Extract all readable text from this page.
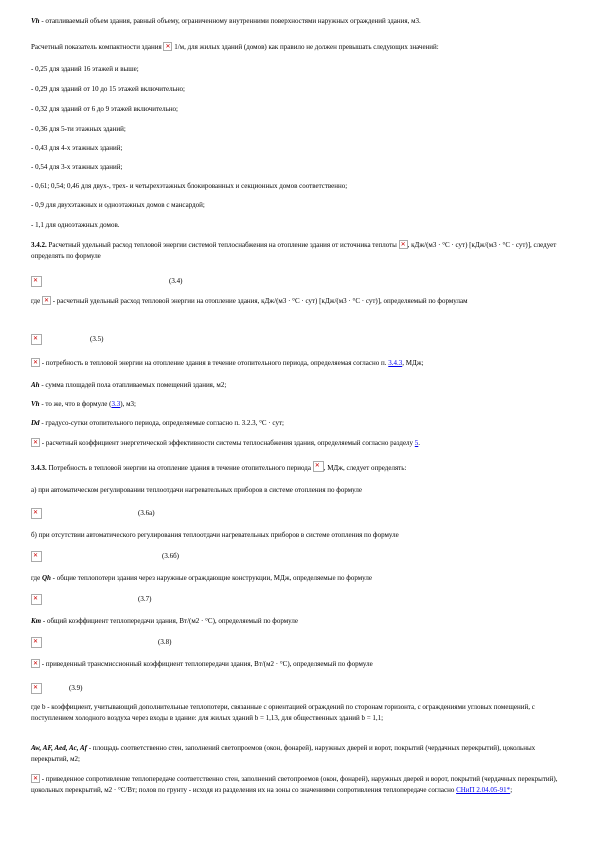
Vh - отапливаемый объем здания, равный объему, ограниченному внутренними поверхностями наружных ограждений здания, м3.
Расчетный показатель компактности здания ✕ 1/м, для жилых зданий (домов) как правило не должен превышать следующих значений:
- 0,25 для зданий 16 этажей и выше;
- 0,29 для зданий от 10 до 15 этажей включительно;
- 0,32 для зданий от 6 до 9 этажей включительно;
- 0,36 для 5-ти этажных зданий;
- 0,43 для 4-х этажных зданий;
- 0,54 для 3-х этажных зданий;
- 0,61; 0,54; 0,46 для двух-, трех- и четырехэтажных блокированных и секционных домов соответственно;
- 0,9 для двухэтажных и одноэтажных домов с мансардой;
- 1,1 для одноэтажных домов.
3.4.2. Расчетный удельный расход тепловой энергии системой теплоснабжения на отопление здания от источника теплоты ✕, кДж/(м3 · °С · сут) [кДж/(м3 · °С · сут)], следует определять по формуле
✕
(3.4)
где ✕ - расчетный удельный расход тепловой энергии на отопление здания, кДж/(м3 · °С · сут) [кДж/(м3 · °С · сут)], определяемый по формулам
✕
(3.5)
✕ - потребность в тепловой энергии на отопление здания в течение отопительного периода, определяемая согласно п. 3.4.3, МДж;
Ah - сумма площадей пола отапливаемых помещений здания, м2;
Vh - то же, что в формуле (3.3), м3;
Dd - градусо-сутки отопительного периода, определяемые согласно п. 3.2.3, °С · сут;
✕ - расчетный коэффициент энергетической эффективности системы теплоснабжения здания, определяемый согласно разделу 5.
3.4.3. Потребность в тепловой энергии на отопление здания в течение отопительного периода ✕, МДж, следует определять:
а) при автоматическом регулировании теплоотдачи нагревательных приборов в системе отопления по формуле
✕
(3.6а)
б) при отсутствии автоматического регулирования теплоотдачи нагревательных приборов в системе отопления по формуле
✕
(3.6б)
где Qh - общие теплопотери здания через наружные ограждающие конструкции, МДж, определяемые по формуле
✕
(3.7)
Km - общий коэффициент теплопередачи здания, Вт/(м2 · °С), определяемый по формуле
✕
(3.8)
✕ - приведенный трансмиссионный коэффициент теплопередачи здания, Вт/(м2 · °С), определяемый по формуле
✕
(3.9)
где b - коэффициент, учитывающий дополнительные теплопотери, связанные с ориентацией ограждений по сторонам горизонта, с ограждениями угловых помещений, с поступлением холодного воздуха через входы в здание: для жилых зданий b = 1,13, для общественных зданий b = 1,1;
Aw, AF, Aed, Ac, Af - площадь соответственно стен, заполнений светопроемов (окон, фонарей), наружных дверей и ворот, покрытий (чердачных перекрытий), цокольных перекрытий, м2;
✕ - приведенное сопротивление теплопередаче соответственно стен, заполнений светопроемов (окон, фонарей), наружных дверей и ворот, покрытий (чердачных перекрытий), цокольных перекрытий, м2 · °С/Вт; полов по грунту - исходя из разделения их на зоны со значениями сопротивления теплопередаче согласно СНиП 2.04.05-91*;
